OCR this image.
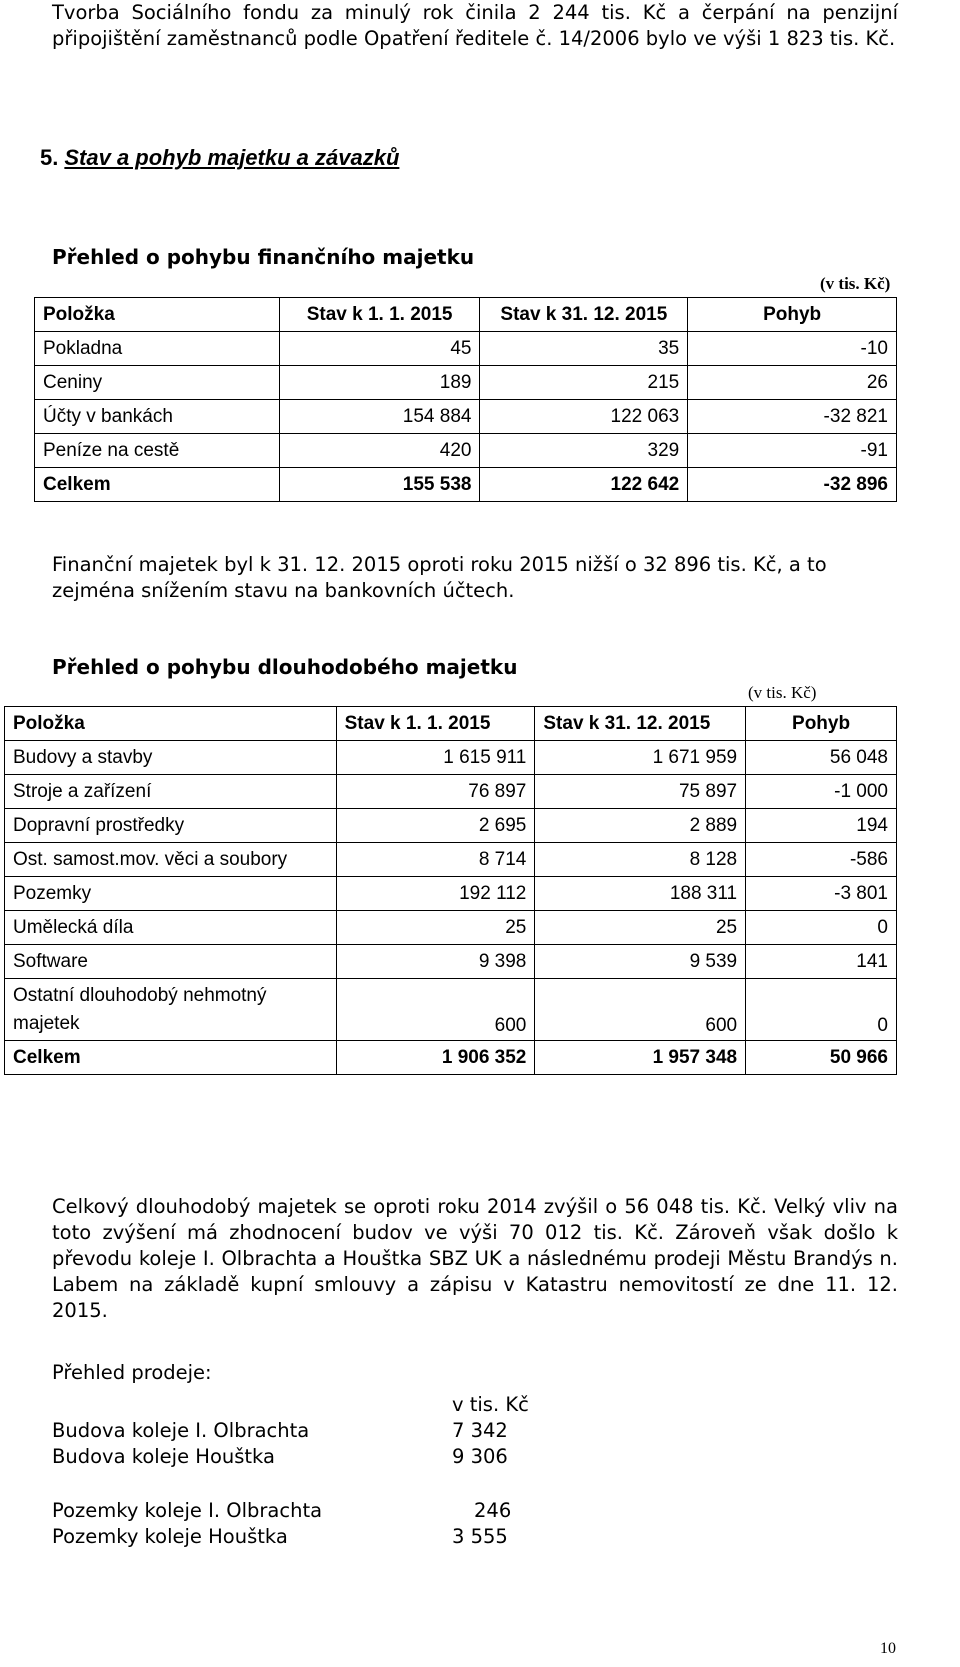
Tvorba Sociálního fondu za minulý rok činila 2 244 tis. Kč a čerpání na penzijní připojištění zaměstnanců podle Opatření ředitele č. 14/2006 bylo ve výši 1 823 tis. Kč.
5. Stav a pohyb majetku a závazků
Přehled o pohybu finančního majetku
(v tis. Kč)
Položka	Stav k 1. 1. 2015	Stav k 31. 12. 2015	Pohyb
Pokladna	45	35	-10
Ceniny	189	215	26
Účty v bankách	154 884	122 063	-32 821
Peníze na cestě	420	329	-91
Celkem	155 538	122 642	-32 896
Finanční majetek byl k 31. 12. 2015 oproti roku 2015 nižší o 32 896 tis. Kč, a to zejména snížením stavu na bankovních účtech.
Přehled o pohybu dlouhodobého majetku
(v tis. Kč)
Položka	Stav k 1. 1. 2015	Stav k 31. 12. 2015	Pohyb
Budovy a stavby	1 615 911	1 671 959	56 048
Stroje a zařízení	76 897	75 897	-1 000
Dopravní prostředky	2 695	2 889	194
Ost. samost.mov. věci a soubory	8 714	8 128	-586
Pozemky	192 112	188 311	-3 801
Umělecká díla	25	25	0
Software	9 398	9 539	141
Ostatní dlouhodobý nehmotný majetek	600	600	0
Celkem	1 906 352	1 957 348	50 966
Celkový dlouhodobý majetek se oproti roku 2014 zvýšil o 56 048 tis. Kč. Velký vliv na toto zvýšení má zhodnocení budov ve výši 70 012 tis. Kč. Zároveň však došlo k převodu koleje I. Olbrachta a Houštka SBZ UK a následnému prodeji Městu Brandýs n. Labem na základě kupní smlouvy a zápisu v Katastru nemovitostí ze dne 11. 12. 2015.
Přehled prodeje:
v tis. Kč
Budova koleje I. Olbrachta	7 342
Budova koleje Houštka	9 306
Pozemky koleje I. Olbrachta	246
Pozemky koleje Houštka	3 555
10
